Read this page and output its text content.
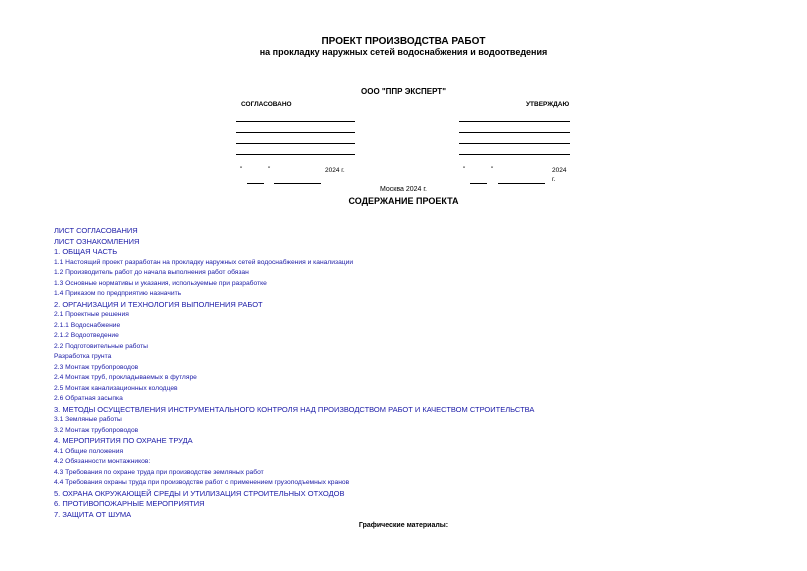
ПРОЕКТ ПРОИЗВОДСТВА РАБОТ
на прокладку наружных сетей водоснабжения и водоотведения
ООО "ППР ЭКСПЕРТ"
СОГЛАСОВАНО	УТВЕРЖДАЮ
"	"	2024 г.	"	"	2024
г.
Москва 2024 г.
СОДЕРЖАНИЕ ПРОЕКТА
ЛИСТ СОГЛАСОВАНИЯ
ЛИСТ ОЗНАКОМЛЕНИЯ
1. ОБЩАЯ ЧАСТЬ
1.1 Настоящий проект разработан на прокладку наружных сетей водоснабжения и канализации
1.2 Производитель работ до начала выполнения работ обязан
1.3 Основные нормативы и указания, используемые при разработке
1.4 Приказом по предприятию назначить
2. ОРГАНИЗАЦИЯ И ТЕХНОЛОГИЯ ВЫПОЛНЕНИЯ РАБОТ
2.1 Проектные решения
2.1.1 Водоснабжение
2.1.2 Водоотведение
2.2 Подготовительные работы
Разработка грунта
2.3 Монтаж трубопроводов
2.4 Монтаж труб, прокладываемых в футляре
2.5 Монтаж канализационных колодцев
2.6 Обратная засыпка
3. МЕТОДЫ ОСУЩЕСТВЛЕНИЯ ИНСТРУМЕНТАЛЬНОГО КОНТРОЛЯ НАД ПРОИЗВОДСТВОМ РАБОТ И КАЧЕСТВОМ СТРОИТЕЛЬСТВА
3.1 Земляные работы
3.2 Монтаж трубопроводов
4. МЕРОПРИЯТИЯ ПО ОХРАНЕ ТРУДА
4.1 Общие положения
4.2 Обязанности монтажников:
4.3 Требования по охране труда при производстве земляных работ
4.4 Требования охраны труда при производстве работ с применением грузоподъемных кранов
5. ОХРАНА ОКРУЖАЮЩЕЙ СРЕДЫ И УТИЛИЗАЦИЯ СТРОИТЕЛЬНЫХ ОТХОДОВ
6. ПРОТИВОПОЖАРНЫЕ МЕРОПРИЯТИЯ
7. ЗАЩИТА ОТ ШУМА
Графические материалы:
